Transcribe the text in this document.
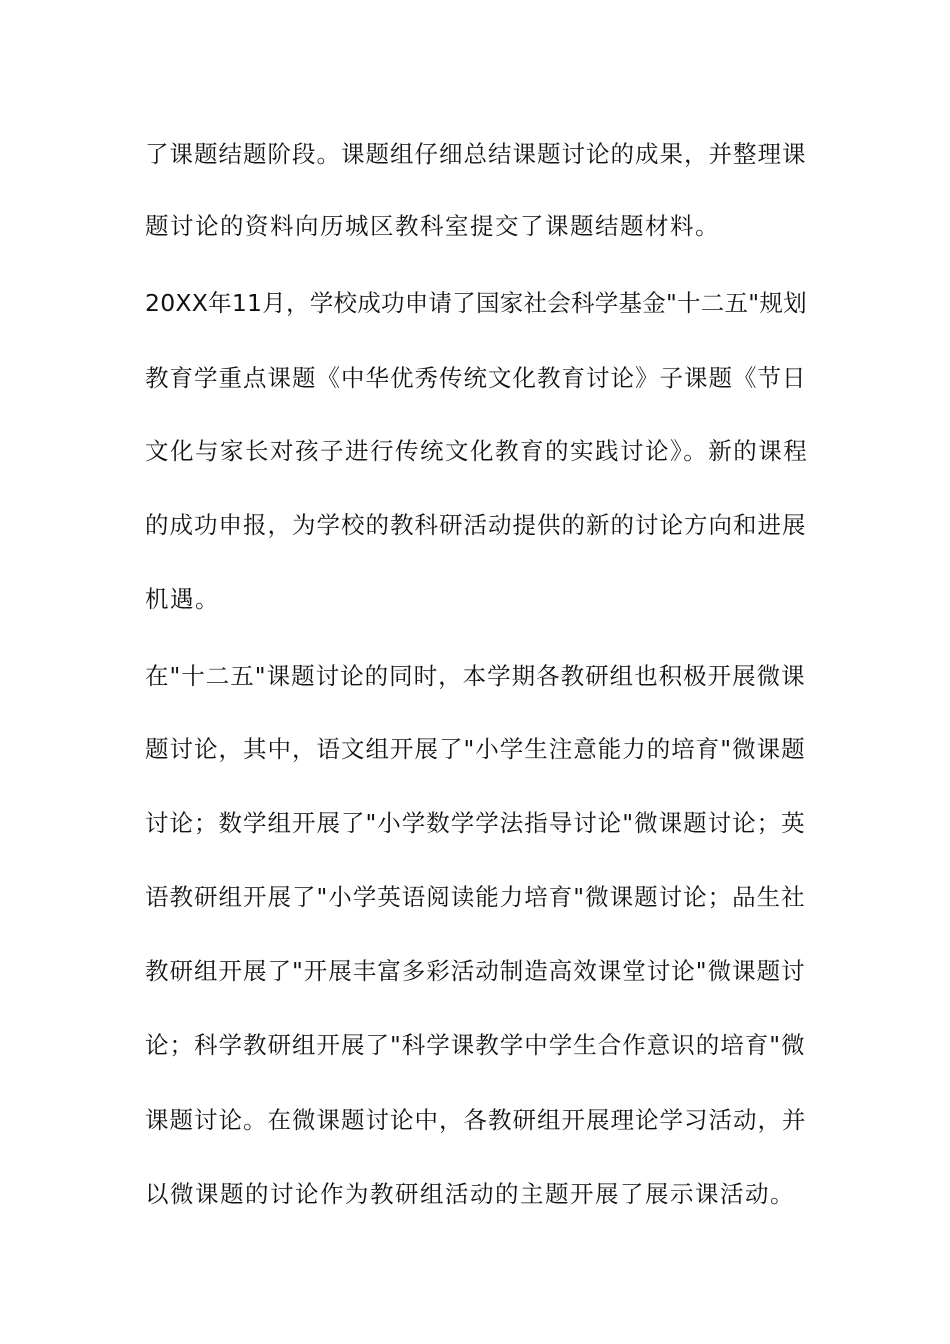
了课题结题阶段。课题组仔细总结课题讨论的成果，并整理课
题讨论的资料向历城区教科室提交了课题结题材料。
20XX年11月，学校成功申请了国家社会科学基金"十二五"规划
教育学重点课题《中华优秀传统文化教育讨论》子课题《节日
文化与家长对孩子进行传统文化教育的实践讨论》。新的课程
的成功申报，为学校的教科研活动提供的新的讨论方向和进展
机遇。
在"十二五"课题讨论的同时，本学期各教研组也积极开展微课
题讨论，其中，语文组开展了"小学生注意能力的培育"微课题
讨论；数学组开展了"小学数学学法指导讨论"微课题讨论；英
语教研组开展了"小学英语阅读能力培育"微课题讨论；品生社
教研组开展了"开展丰富多彩活动制造高效课堂讨论"微课题讨
论；科学教研组开展了"科学课教学中学生合作意识的培育"微
课题讨论。在微课题讨论中，各教研组开展理论学习活动，并
以微课题的讨论作为教研组活动的主题开展了展示课活动。
